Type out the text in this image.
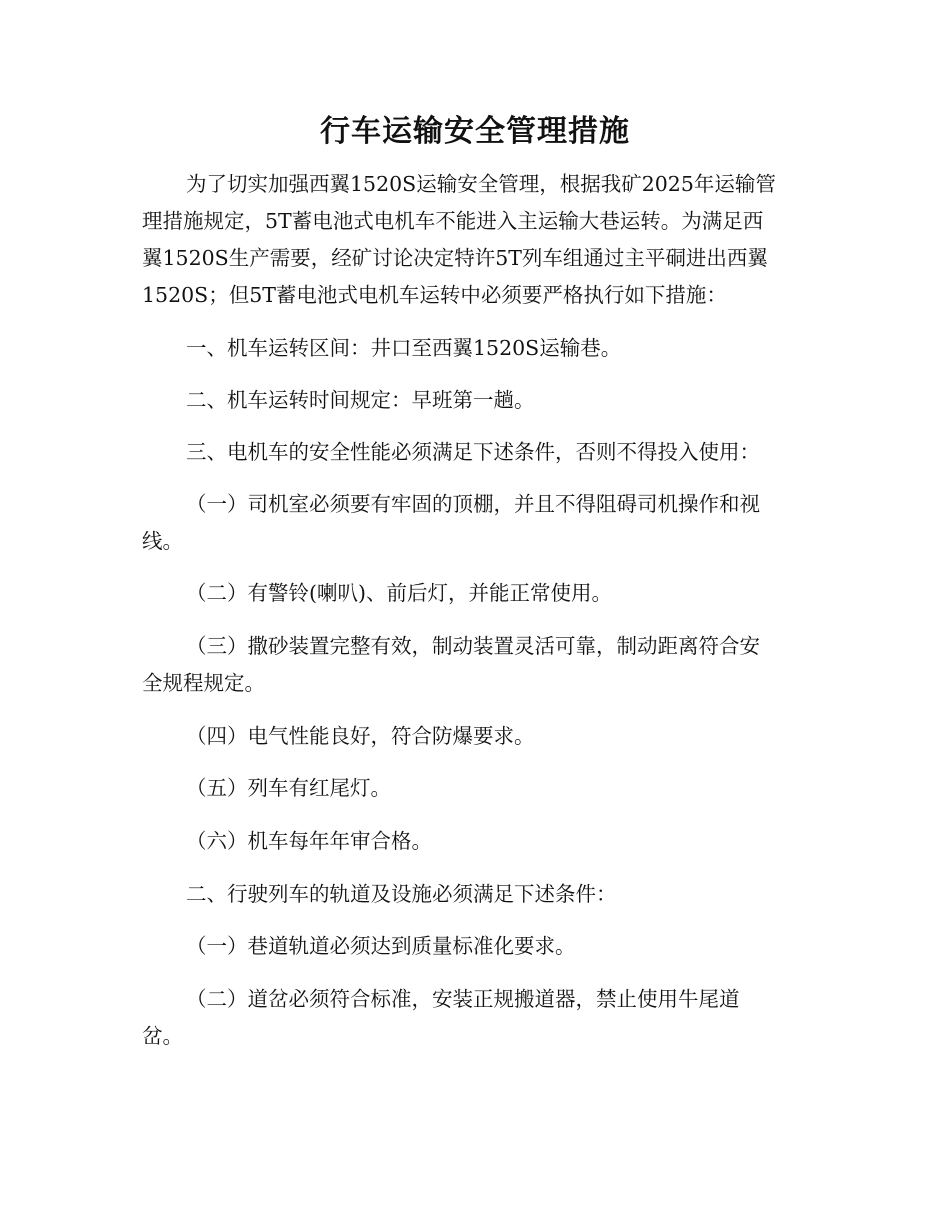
行车运输安全管理措施
为了切实加强西翼1520S运输安全管理，根据我矿2025年运输管
理措施规定，5T蓄电池式电机车不能进入主运输大巷运转。为满足西
翼1520S生产需要，经矿讨论决定特许5T列车组通过主平硐进出西翼
1520S；但5T蓄电池式电机车运转中必须要严格执行如下措施：
一、机车运转区间：井口至西翼1520S运输巷。
二、机车运转时间规定：早班第一趟。
三、电机车的安全性能必须满足下述条件，否则不得投入使用：
（一）司机室必须要有牢固的顶棚，并且不得阻碍司机操作和视
线。
（二）有警铃(喇叭)、前后灯，并能正常使用。
（三）撒砂装置完整有效，制动装置灵活可靠，制动距离符合安
全规程规定。
（四）电气性能良好，符合防爆要求。
（五）列车有红尾灯。
（六）机车每年年审合格。
二、行驶列车的轨道及设施必须满足下述条件：
（一）巷道轨道必须达到质量标准化要求。
（二）道岔必须符合标准，安装正规搬道器，禁止使用牛尾道
岔。
